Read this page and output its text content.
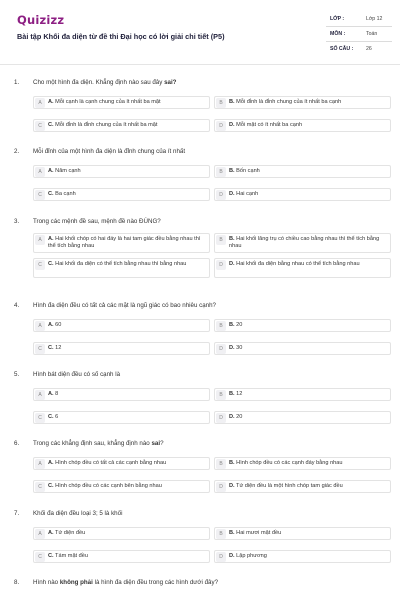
Quizizz
Bài tập Khối đa diện từ đề thi Đại học có lời giải chi tiết (P5)
LỚP :	Lớp 12
MÔN :	Toán
SỐ CÂU :	26
1. Cho một hình đa diện. Khẳng định nào sau đây sai?
A	A. Mỗi cạnh là cạnh chung của ít nhất ba mặt	B	B. Mỗi đỉnh là đỉnh chung của ít nhất ba cạnh
C	C. Mỗi đỉnh là đỉnh chung của ít nhất ba mặt	D	D. Mỗi mặt có ít nhất ba cạnh
2. Mỗi đỉnh của một hình đa diện là đỉnh chung của ít nhất
A	A. Năm cạnh	B	B. Bốn cạnh
C	C. Ba cạnh	D	D. Hai cạnh
3. Trong các mệnh đề sau, mệnh đề nào ĐÚNG?
A	A. Hai khối chóp có hai đáy là hai tam giác đều bằng nhau thì thể tích bằng nhau
B	B. Hai khối lăng trụ có chiều cao bằng nhau thì thể tích bằng nhau
C	C. Hai khối đa diện có thể tích bằng nhau thì bằng nhau	D	D. Hai khối đa diện bằng nhau có thể tích bằng nhau
4. Hình đa diện đều có tất cả các mặt là ngũ giác có bao nhiêu cạnh?
A	A. 60	B	B. 20
C	C. 12	D	D. 30
5. Hình bát diện đều có số cạnh là
A	A. 8	B	B. 12
C	C. 6	D	D. 20
6. Trong các khẳng định sau, khẳng định nào sai?
A	A. Hình chóp đều có tất cả các cạnh bằng nhau	B	B. Hình chóp đều có các cạnh đáy bằng nhau
C	C. Hình chóp đều có các cạnh bên bằng nhau	D	D. Tứ diện đều là một hình chóp tam giác đều
7. Khối đa diện đều loại 3; 5 là khối
A	A. Tứ diện đều	B	B. Hai mươi mặt đều
C	C. Tám mặt đều	D	D. Lập phương
8. Hình nào không phải là hình đa diện đều trong các hình dưới đây?
